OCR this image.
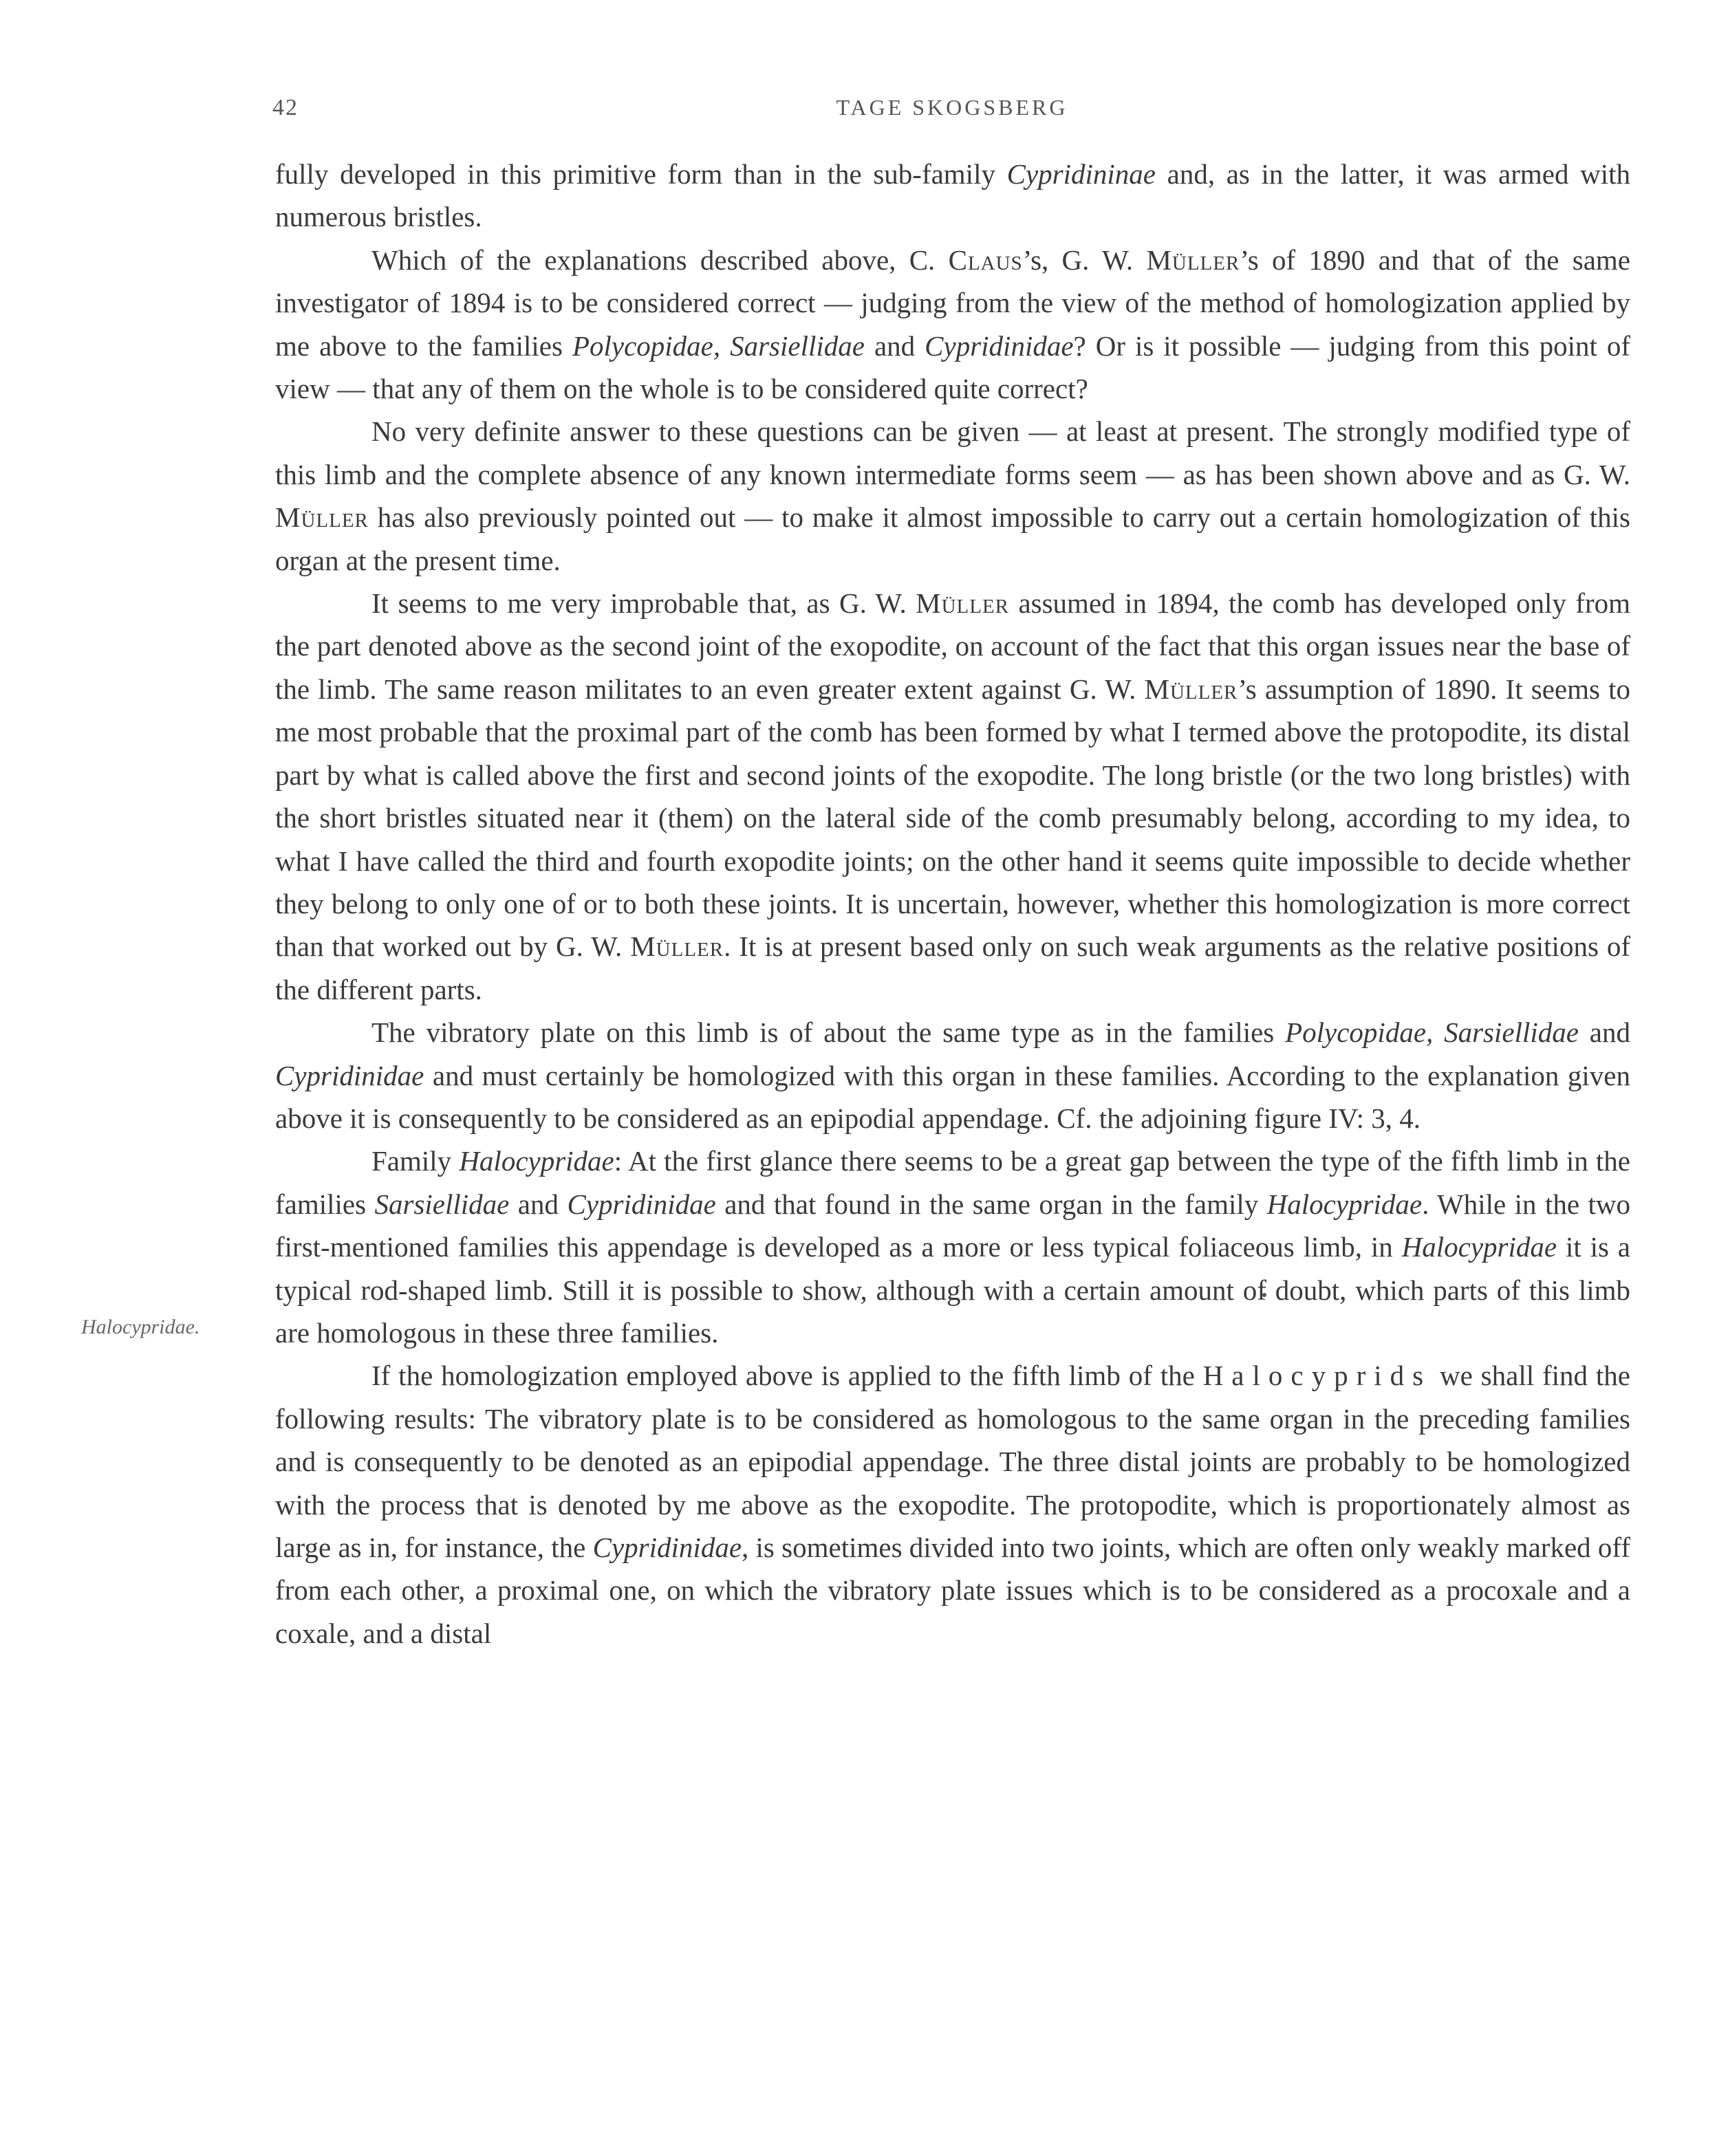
42	TAGE SKOGSBERG
Halocypridae.

fully developed in this primitive form than in the sub-family Cypridininae and, as in the latter, it was armed with numerous bristles.

Which of the explanations described above, C. Claus’s, G. W. Müller’s of 1890 and that of the same investigator of 1894 is to be considered correct — judging from the view of the method of homologization applied by me above to the families Polycopidae, Sarsiellidae and Cypridinidae? Or is it possible — judging from this point of view — that any of them on the whole is to be considered quite correct?

No very definite answer to these questions can be given — at least at present. The strongly modified type of this limb and the complete absence of any known intermediate forms seem — as has been shown above and as G. W. Müller has also previously pointed out — to make it almost impossible to carry out a certain homologization of this organ at the present time.

It seems to me very improbable that, as G. W. Müller assumed in 1894, the comb has developed only from the part denoted above as the second joint of the exopodite, on account of the fact that this organ issues near the base of the limb. The same reason militates to an even greater extent against G. W. Müller’s assumption of 1890. It seems to me most probable that the proximal part of the comb has been formed by what I termed above the protopodite, its distal part by what is called above the first and second joints of the exopodite. The long bristle (or the two long bristles) with the short bristles situated near it (them) on the lateral side of the comb presumably belong, according to my idea, to what I have called the third and fourth exopodite joints; on the other hand it seems quite impossible to decide whether they belong to only one of or to both these joints. It is uncertain, however, whether this homologization is more correct than that worked out by G. W. Müller. It is at present based only on such weak arguments as the relative positions of the different parts.

The vibratory plate on this limb is of about the same type as in the families Polycopidae, Sarsiellidae and Cypridinidae and must certainly be homologized with this organ in these families. According to the explanation given above it is consequently to be considered as an epipodial appendage. Cf. the adjoining figure IV: 3, 4.

Family Halocypridae: At the first glance there seems to be a great gap between the type of the fifth limb in the families Sarsiellidae and Cypridinidae and that found in the same organ in the family Halocypridae. While in the two first-mentioned families this appendage is developed as a more or less typical foliaceous limb, in Halocypridae it is a typical rod-shaped limb. Still it is possible to show, although with a certain amount of doubt, which parts of this limb are homologous in these three families.

If the homologization employed above is applied to the fifth limb of the Halocyprids we shall find the following results: The vibratory plate is to be considered as homologous to the same organ in the preceding families and is consequently to be denoted as an epipodial appendage. The three distal joints are probably to be homologized with the process that is denoted by me above as the exopodite. The protopodite, which is proportionately almost as large as in, for instance, the Cypridinidae, is sometimes divided into two joints, which are often only weakly marked off from each other, a proximal one, on which the vibratory plate issues which is to be considered as a procoxale and a coxale, and a distal
